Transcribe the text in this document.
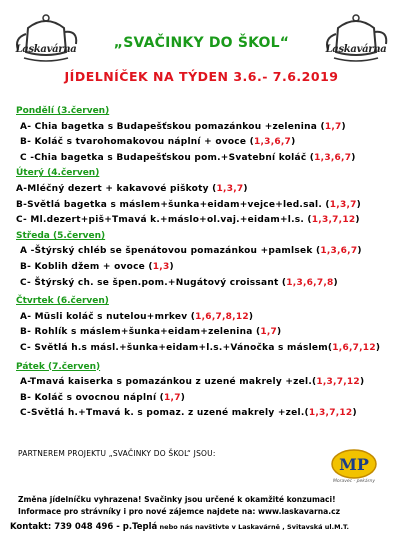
Laskavárna	Laskavárna
„SVAČINKY DO ŠKOL“
JÍDELNÍČEK NA TÝDEN 3.6.- 7.6.2019
Pondělí (3.červen)
A- Chia bagetka s Budapešťskou pomazánkou +zelenina (1,7)
B- Koláč s tvarohomakovou náplní + ovoce (1,3,6,7)
C -Chia bagetka s Budapešťskou pom.+Svatební koláč (1,3,6,7)
Úterý (4.červen)
A-Mléčný dezert + kakavové piškoty (1,3,7)
B-Světlá bagetka s máslem+šunka+eidam+vejce+led.sal. (1,3,7)
C- Ml.dezert+piš+Tmavá k.+máslo+ol.vaj.+eidam+l.s. (1,3,7,12)
Středa (5.červen)
A -Štýrský chléb se špenátovou pomazánkou +pamlsek (1,3,6,7)
B- Koblih džem + ovoce (1,3)
C- Štýrský ch. se špen.pom.+Nugátový croissant (1,3,6,7,8)
Čtvrtek (6.červen)
A- Müsli koláč s nutelou+mrkev (1,6,7,8,12)
B- Rohlík s máslem+šunka+eidam+zelenina (1,7)
C- Světlá h.s másl.+šunka+eidam+l.s.+Vánočka s máslem(1,6,7,12)
Pátek (7.červen)
A-Tmavá kaiserka s pomazánkou z uzené makrely +zel.(1,3,7,12)
B- Koláč s ovocnou náplní (1,7)
C-Světlá h.+Tmavá k. s pomaz. z uzené makrely +zel.(1,3,7,12)
PARTNEREM PROJEKTU „SVAČINKY DO ŠKOL“ JSOU:
MP
Moravec - pekárny
Změna jídelníčku vyhrazena! Svačinky jsou určené k okamžité konzumaci!
Informace pro strávníky i pro nové zájemce najdete na: www.laskavarna.cz
Kontakt: 739 048 496 - p.Teplá nebo nás navštivte v Laskavárně , Svitavská ul.M.T.
